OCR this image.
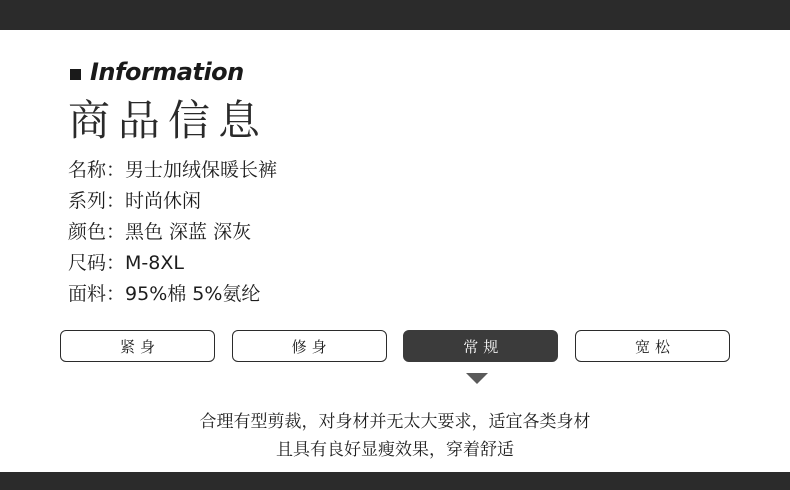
Information
商品信息
名称：男士加绒保暖长裤
系列：时尚休闲
颜色：黑色 深蓝 深灰
尺码：M-8XL
面料：95%棉 5%氨纶
紧身	修身	常规	宽松
合理有型剪裁，对身材并无太大要求，适宜各类身材
且具有良好显瘦效果，穿着舒适
